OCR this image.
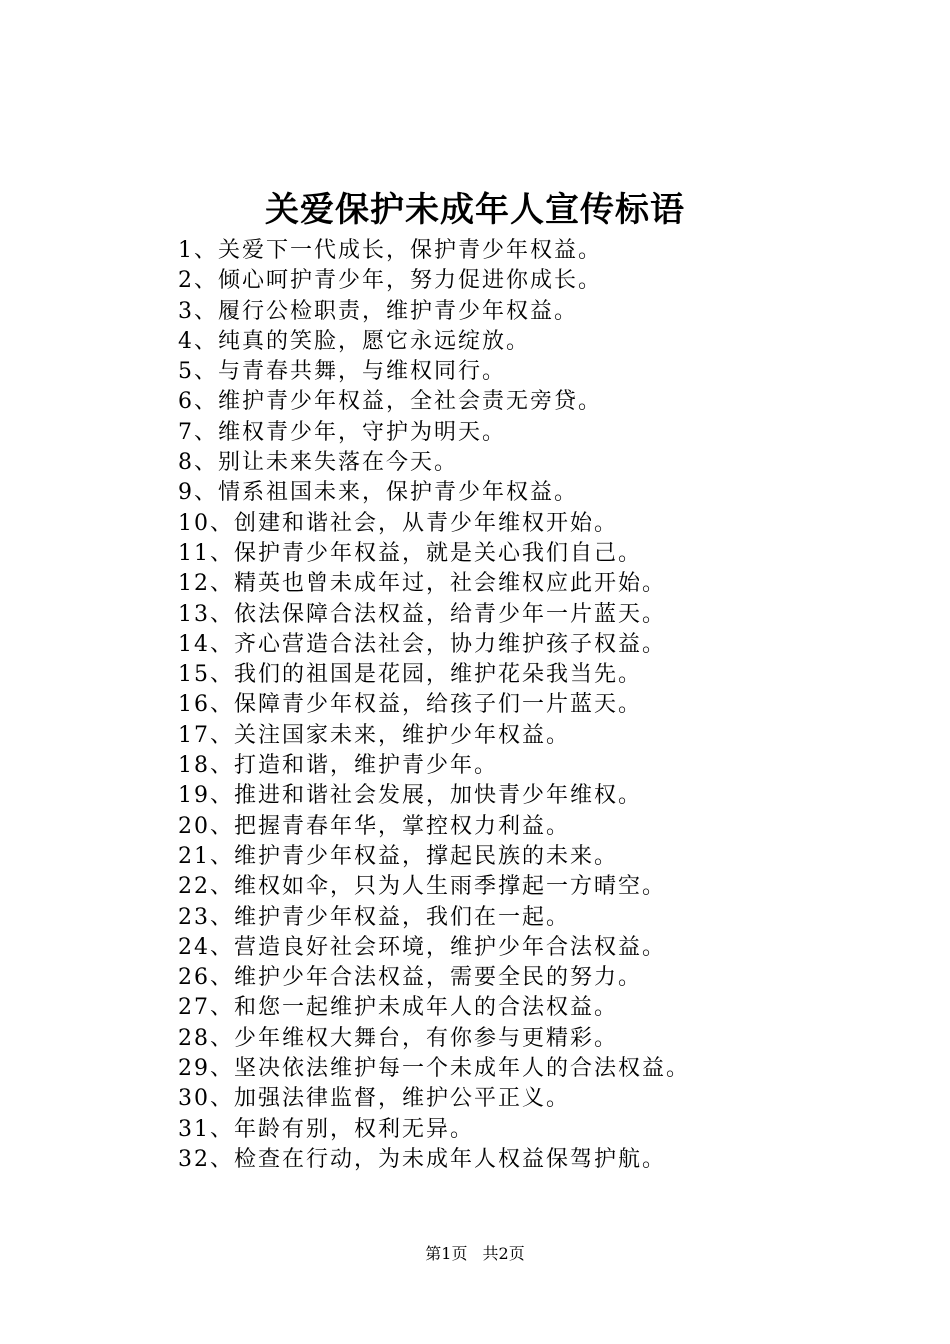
关爱保护未成年人宣传标语
1、关爱下一代成长，保护青少年权益。
2、倾心呵护青少年，努力促进你成长。
3、履行公检职责，维护青少年权益。
4、纯真的笑脸，愿它永远绽放。
5、与青春共舞，与维权同行。
6、维护青少年权益，全社会责无旁贷。
7、维权青少年，守护为明天。
8、别让未来失落在今天。
9、情系祖国未来，保护青少年权益。
10、创建和谐社会，从青少年维权开始。
11、保护青少年权益，就是关心我们自己。
12、精英也曾未成年过，社会维权应此开始。
13、依法保障合法权益，给青少年一片蓝天。
14、齐心营造合法社会，协力维护孩子权益。
15、我们的祖国是花园，维护花朵我当先。
16、保障青少年权益，给孩子们一片蓝天。
17、关注国家未来，维护少年权益。
18、打造和谐，维护青少年。
19、推进和谐社会发展，加快青少年维权。
20、把握青春年华，掌控权力利益。
21、维护青少年权益，撑起民族的未来。
22、维权如伞，只为人生雨季撑起一方晴空。
23、维护青少年权益，我们在一起。
24、营造良好社会环境，维护少年合法权益。
26、维护少年合法权益，需要全民的努力。
27、和您一起维护未成年人的合法权益。
28、少年维权大舞台，有你参与更精彩。
29、坚决依法维护每一个未成年人的合法权益。
30、加强法律监督，维护公平正义。
31、年龄有别，权利无异。
32、检查在行动，为未成年人权益保驾护航。
第1页 共2页
